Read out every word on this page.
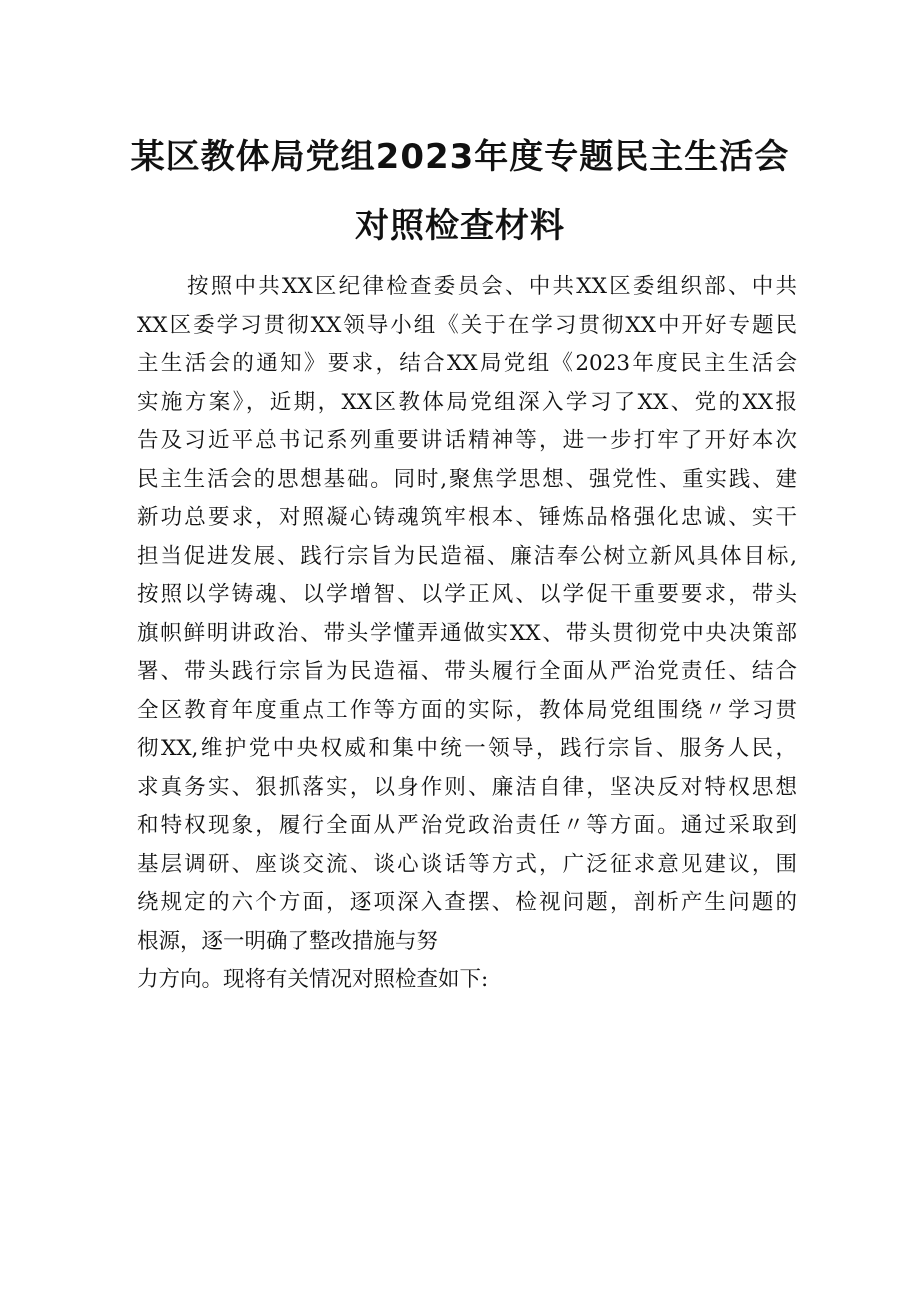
某区教体局党组2023年度专题民主生活会
对照检查材料
按照中共XX区纪律检查委员会、中共XX区委组织部、中共
XX区委学习贯彻XX领导小组《关于在学习贯彻XX中开好专题民
主生活会的通知》要求，结合XX局党组《2023年度民主生活会
实施方案》，近期，XX区教体局党组深入学习了XX、党的XX报
告及习近平总书记系列重要讲话精神等，进一步打牢了开好本次
民主生活会的思想基础。同时,聚焦学思想、强党性、重实践、建
新功总要求，对照凝心铸魂筑牢根本、锤炼品格强化忠诚、实干
担当促进发展、践行宗旨为民造福、廉洁奉公树立新风具体目标,
按照以学铸魂、以学增智、以学正风、以学促干重要要求，带头
旗帜鲜明讲政治、带头学懂弄通做实XX、带头贯彻党中央决策部
署、带头践行宗旨为民造福、带头履行全面从严治党责任、结合
全区教育年度重点工作等方面的实际，教体局党组围绕〃学习贯
彻XX,维护党中央权威和集中统一领导，践行宗旨、服务人民，
求真务实、狠抓落实，以身作则、廉洁自律，坚决反对特权思想
和特权现象，履行全面从严治党政治责任〃等方面。通过采取到
基层调研、座谈交流、谈心谈话等方式，广泛征求意见建议，围
绕规定的六个方面，逐项深入查摆、检视问题，剖析产生问题的
根源，逐一明确了整改措施与努
力方向。现将有关情况对照检查如下:
